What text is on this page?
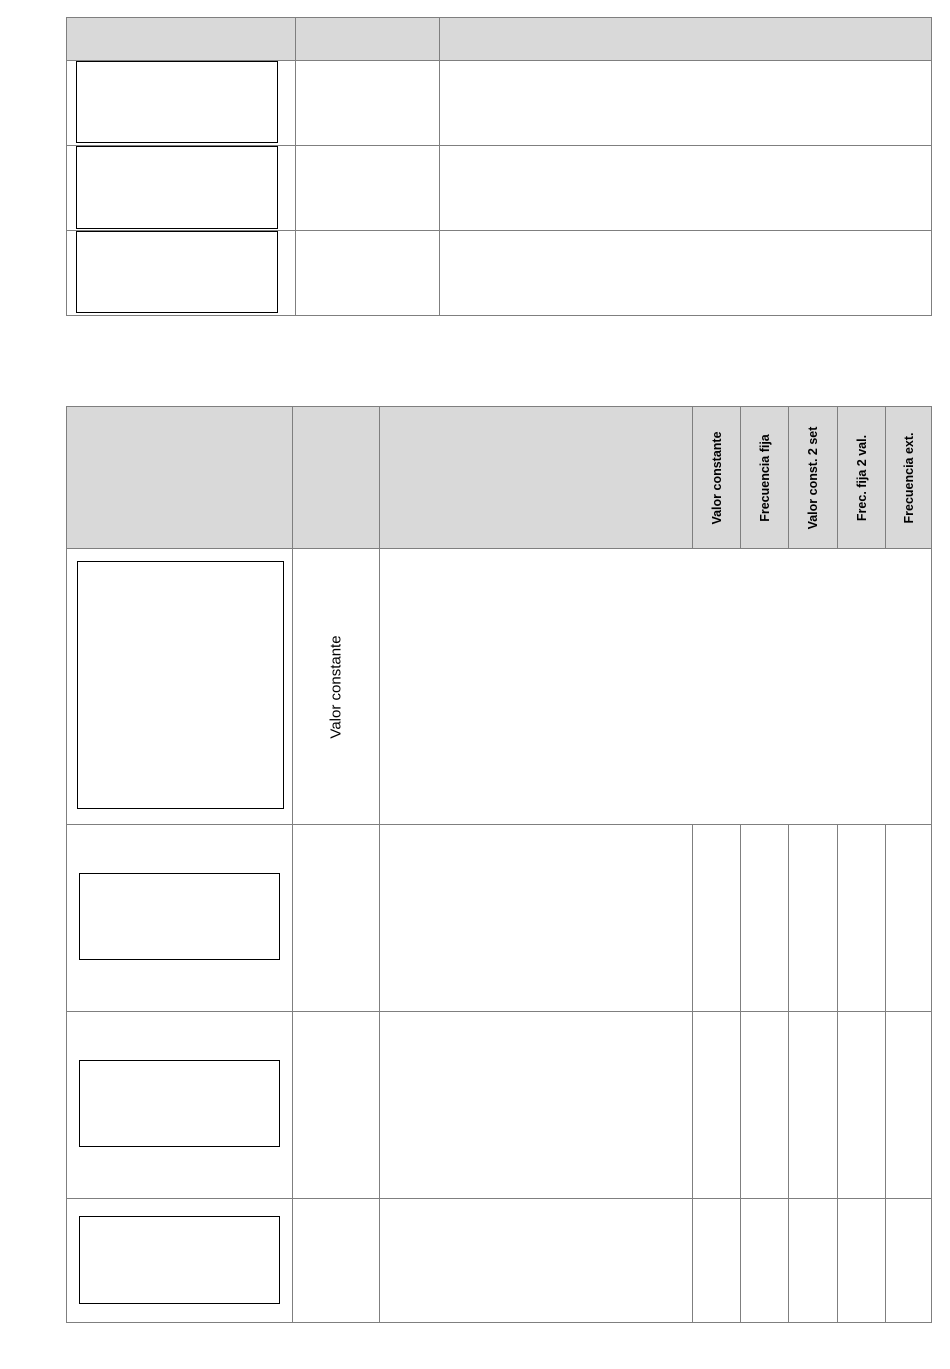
Valor constante	Frecuencia fija	Valor const. 2 set	Frec. fija 2 val.	Frecuencia ext.
Valor constante
